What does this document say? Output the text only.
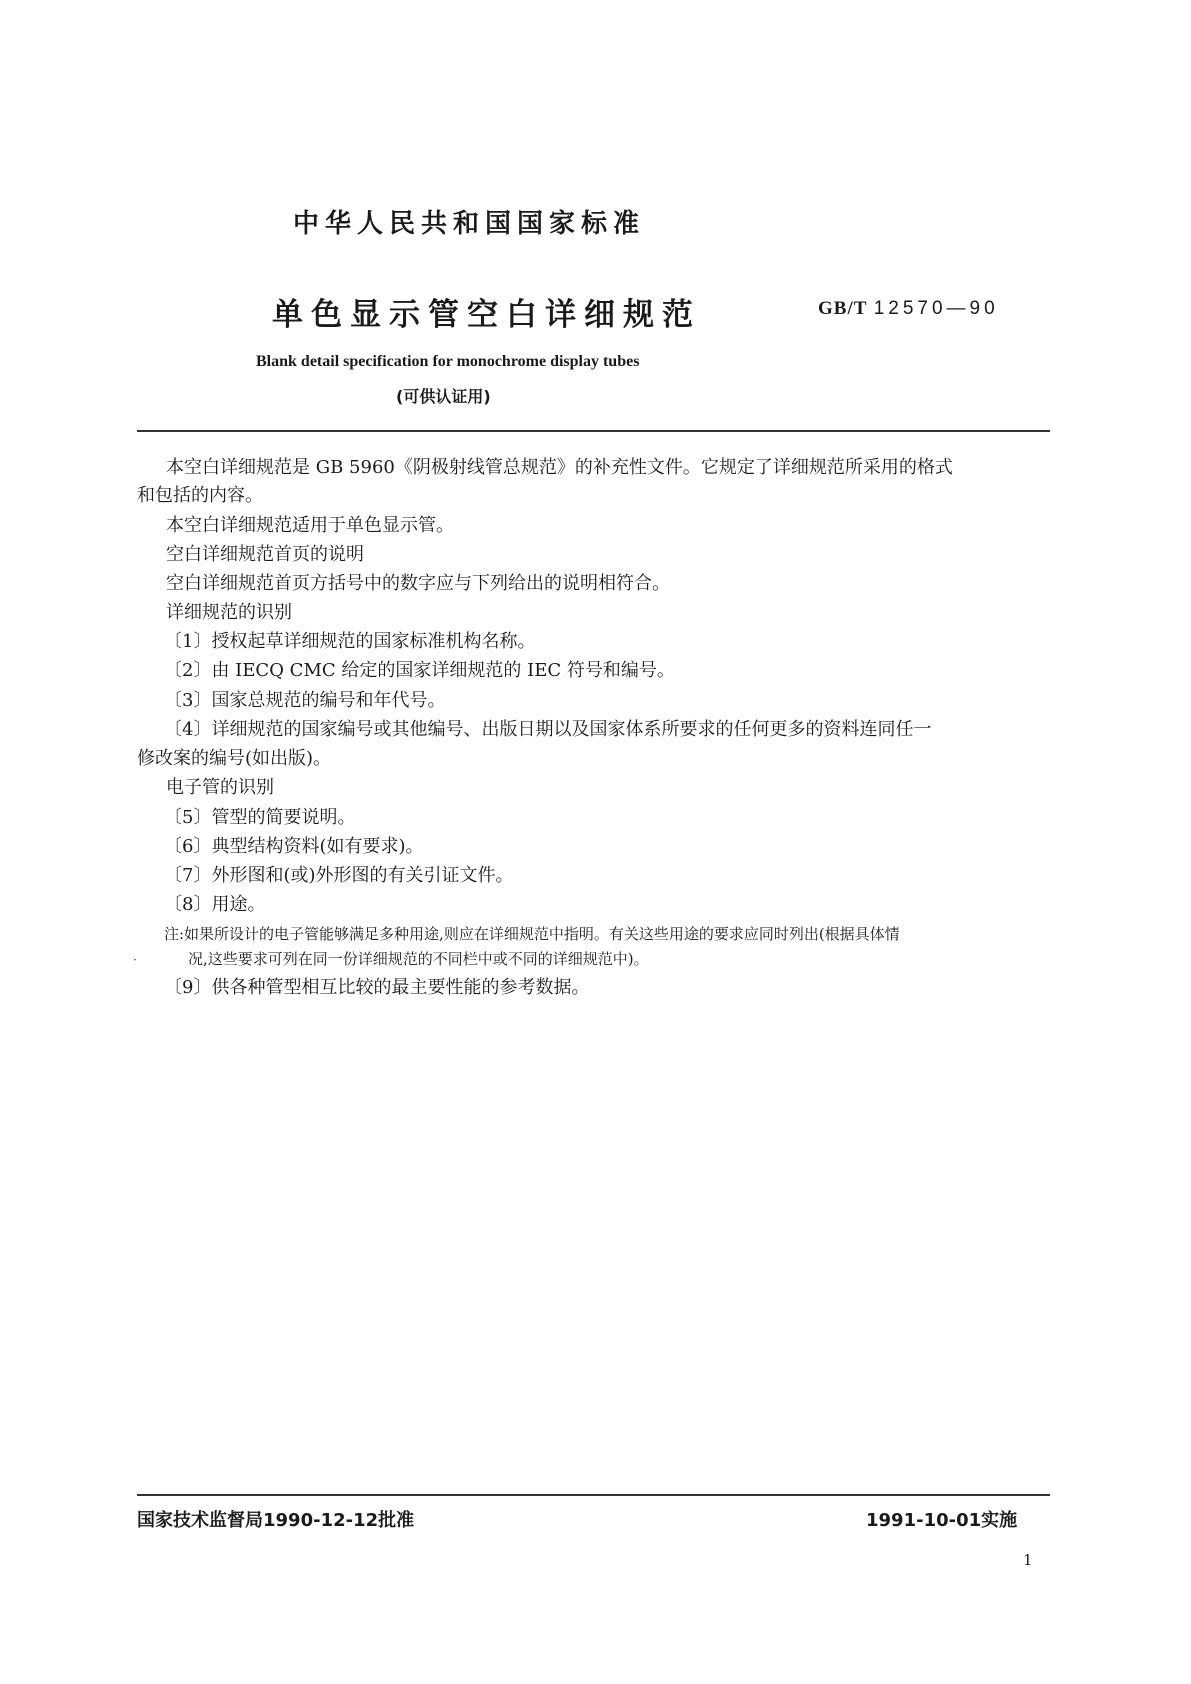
中华人民共和国国家标准
单色显示管空白详细规范	GB/T 12570—90
Blank detail specification for monochrome display tubes
(可供认证用)
本空白详细规范是 GB 5960《阴极射线管总规范》的补充性文件。它规定了详细规范所采用的格式
和包括的内容。
本空白详细规范适用于单色显示管。
空白详细规范首页的说明
空白详细规范首页方括号中的数字应与下列给出的说明相符合。
详细规范的识别
〔1〕授权起草详细规范的国家标准机构名称。
〔2〕由 IECQ CMC 给定的国家详细规范的 IEC 符号和编号。
〔3〕国家总规范的编号和年代号。
〔4〕详细规范的国家编号或其他编号、出版日期以及国家体系所要求的任何更多的资料连同任一
修改案的编号(如出版)。
电子管的识别
〔5〕管型的简要说明。
〔6〕典型结构资料(如有要求)。
〔7〕外形图和(或)外形图的有关引证文件。
〔8〕用途。
·
注:如果所设计的电子管能够满足多种用途,则应在详细规范中指明。有关这些用途的要求应同时列出(根据具体情
况,这些要求可列在同一份详细规范的不同栏中或不同的详细规范中)。
〔9〕供各种管型相互比较的最主要性能的参考数据。
国家技术监督局1990-12-12批准	1991-10-01实施
1
